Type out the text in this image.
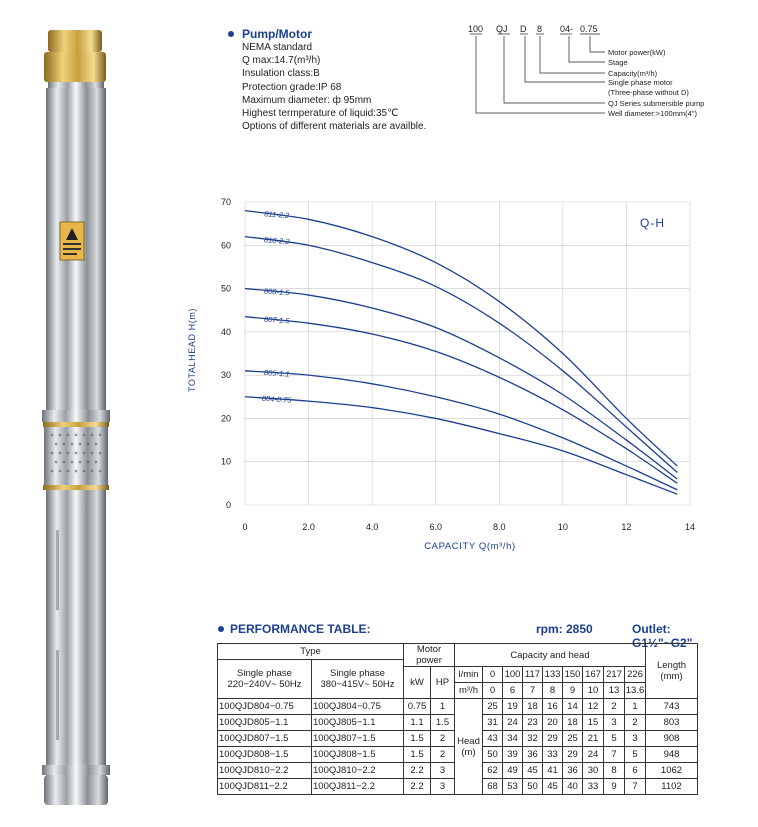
Pump/Motor
NEMA standard
Q max:14.7(m³/h)
Insulation class:B
Protection grade:IP 68
Maximum diameter: ф 95mm
Highest termperature of liquid:35℃
Options of different materials are availble.
100 QJ D 8 04 - 0.75
Motor power(kW)
Stage
Capacity(m³/h)
Single phase motor
(Three-phase without D)
QJ Series submersible pump
Well diameter:>100mm(4")
0
10
20
30
40
50
60
70
0	2.0	4.0	6.0	8.0	10	12	14
811-2.2
810-2.2
808-1.5
807-1.5
805-1.1
804-0.75
Q-H
CAPACITY Q(m³/h)
TOTALHEAD H(m)
PERFORMANCE TABLE:	rpm: 2850	Outlet: G1½"~G2"
Type		Motor power		Capacity and head									Length (mm)
Single phase 220−240V~ 50Hz	Single phase 380−415V~ 50Hz												
		kW	HP	l/min	0	100	117	133	150	167	217	226	
				m³/h	0	6	7	8	9	10	13	13.6	
100QJD804−0.75	100QJ804−0.75	0.75	1	Head (m)	25	19	18	16	14	12	2	1	743
100QJD805−1.1	100QJ805−1.1	1.1	1.5		31	24	23	20	18	15	3	2	803
100QJD807−1.5	100QJ807−1.5	1.5	2		43	34	32	29	25	21	5	3	908
100QJD808−1.5	100QJ808−1.5	1.5	2		50	39	36	33	29	24	7	5	948
100QJD810−2.2	100QJ810−2.2	2.2	3		62	49	45	41	36	30	8	6	1062
100QJD811−2.2	100QJ811−2.2	2.2	3		68	53	50	45	40	33	9	7	1102
